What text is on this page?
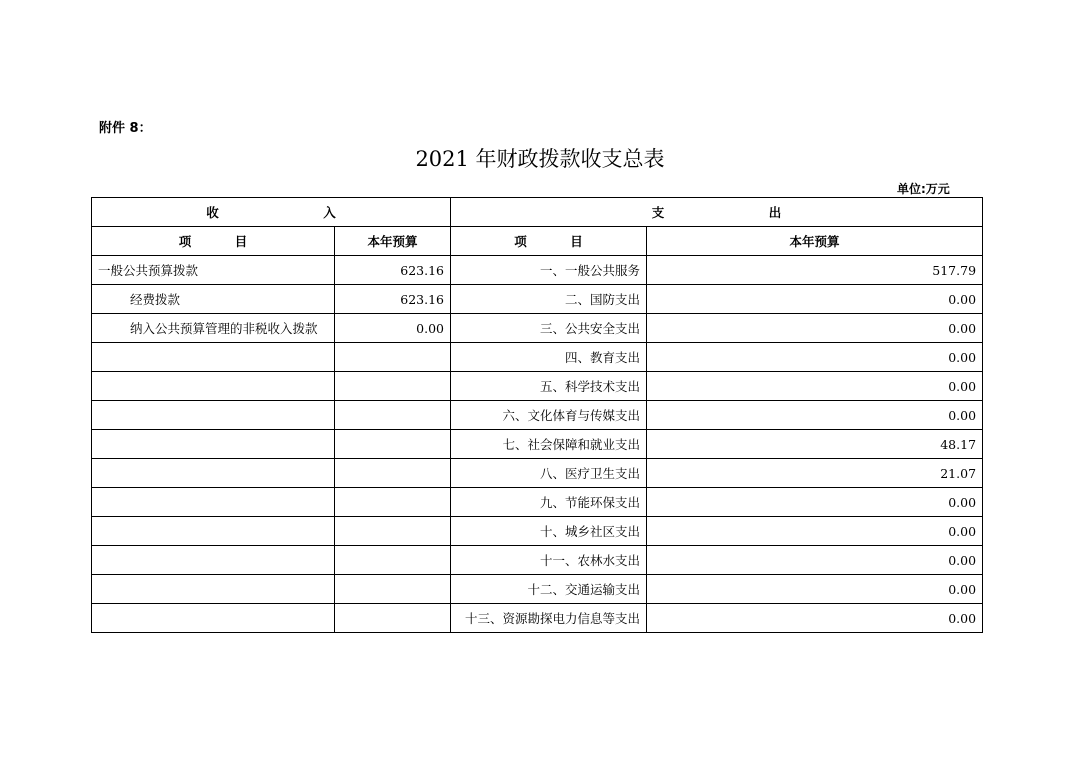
附件 8：
2021 年财政拨款收支总表
单位:万元
收                        入		支                        出	
项          目	本年预算	项          目	本年预算
一般公共预算拨款	623.16	一、一般公共服务	517.79
经费拨款	623.16	二、国防支出	0.00
纳入公共预算管理的非税收入拨款	0.00	三、公共安全支出	0.00
		四、教育支出	0.00
		五、科学技术支出	0.00
		六、文化体育与传媒支出	0.00
		七、社会保障和就业支出	48.17
		八、医疗卫生支出	21.07
		九、节能环保支出	0.00
		十、城乡社区支出	0.00
		十一、农林水支出	0.00
		十二、交通运输支出	0.00
		十三、资源勘探电力信息等支出	0.00
